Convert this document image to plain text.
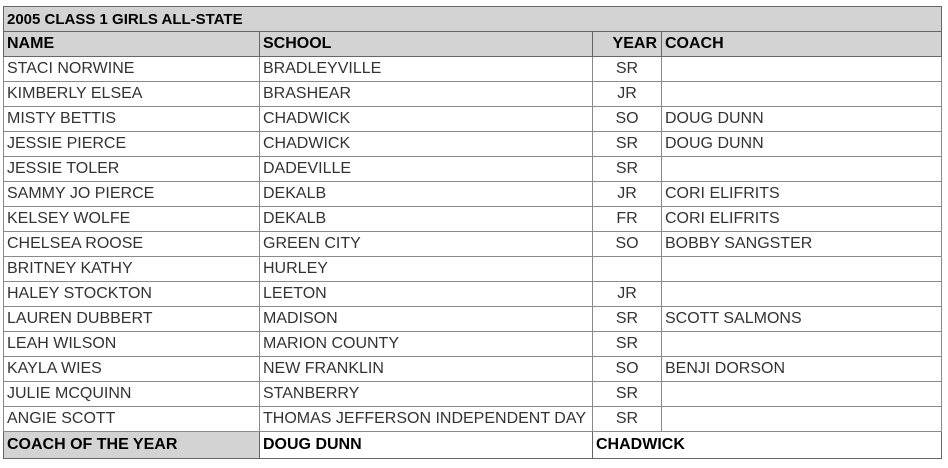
2005 CLASS 1 GIRLS ALL-STATE			
NAME	SCHOOL	YEAR	COACH
STACI NORWINE	BRADLEYVILLE	SR	
KIMBERLY ELSEA	BRASHEAR	JR	
MISTY BETTIS	CHADWICK	SO	DOUG DUNN
JESSIE PIERCE	CHADWICK	SR	DOUG DUNN
JESSIE TOLER	DADEVILLE	SR	
SAMMY JO PIERCE	DEKALB	JR	CORI ELIFRITS
KELSEY WOLFE	DEKALB	FR	CORI ELIFRITS
CHELSEA ROOSE	GREEN CITY	SO	BOBBY SANGSTER
BRITNEY KATHY	HURLEY		
HALEY STOCKTON	LEETON	JR	
LAUREN DUBBERT	MADISON	SR	SCOTT SALMONS
LEAH WILSON	MARION COUNTY	SR	
KAYLA WIES	NEW FRANKLIN	SO	BENJI DORSON
JULIE MCQUINN	STANBERRY	SR	
ANGIE SCOTT	THOMAS JEFFERSON INDEPENDENT DAY	SR	
COACH OF THE YEAR	DOUG DUNN	CHADWICK	
